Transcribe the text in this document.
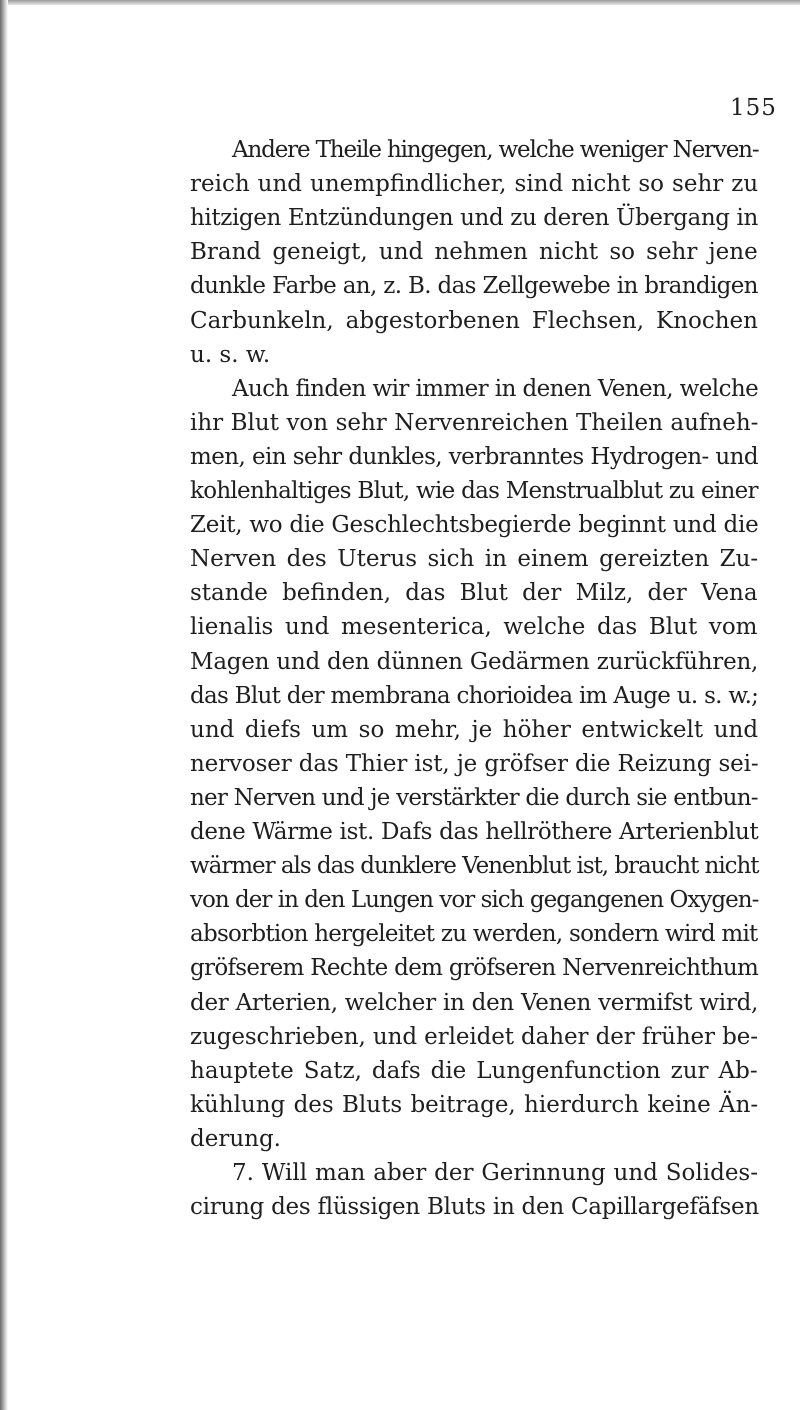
155
Andere Theile hingegen, welche weniger Nerven-
reich und unempfindlicher, sind nicht so sehr zu
hitzigen Entzündungen und zu deren Übergang in
Brand geneigt, und nehmen nicht so sehr jene
dunkle Farbe an, z. B. das Zellgewebe in brandigen
Carbunkeln, abgestorbenen Flechsen, Knochen
u. s. w.
Auch finden wir immer in denen Venen, welche
ihr Blut von sehr Nervenreichen Theilen aufneh-
men, ein sehr dunkles, verbranntes Hydrogen- und
kohlenhaltiges Blut, wie das Menstrualblut zu einer
Zeit, wo die Geschlechtsbegierde beginnt und die
Nerven des Uterus sich in einem gereizten Zu-
stande befinden, das Blut der Milz, der Vena
lienalis und mesenterica, welche das Blut vom
Magen und den dünnen Gedärmen zurückführen,
das Blut der membrana chorioidea im Auge u. s. w.;
und diefs um so mehr, je höher entwickelt und
nervoser das Thier ist, je gröfser die Reizung sei-
ner Nerven und je verstärkter die durch sie entbun-
dene Wärme ist. Dafs das hellröthere Arterienblut
wärmer als das dunklere Venenblut ist, braucht nicht
von der in den Lungen vor sich gegangenen Oxygen-
absorbtion hergeleitet zu werden, sondern wird mit
gröfserem Rechte dem gröfseren Nervenreichthum
der Arterien, welcher in den Venen vermifst wird,
zugeschrieben, und erleidet daher der früher be-
hauptete Satz, dafs die Lungenfunction zur Ab-
kühlung des Bluts beitrage, hierdurch keine Än-
derung.
7. Will man aber der Gerinnung und Solides-
cirung des flüssigen Bluts in den Capillargefäfsen
